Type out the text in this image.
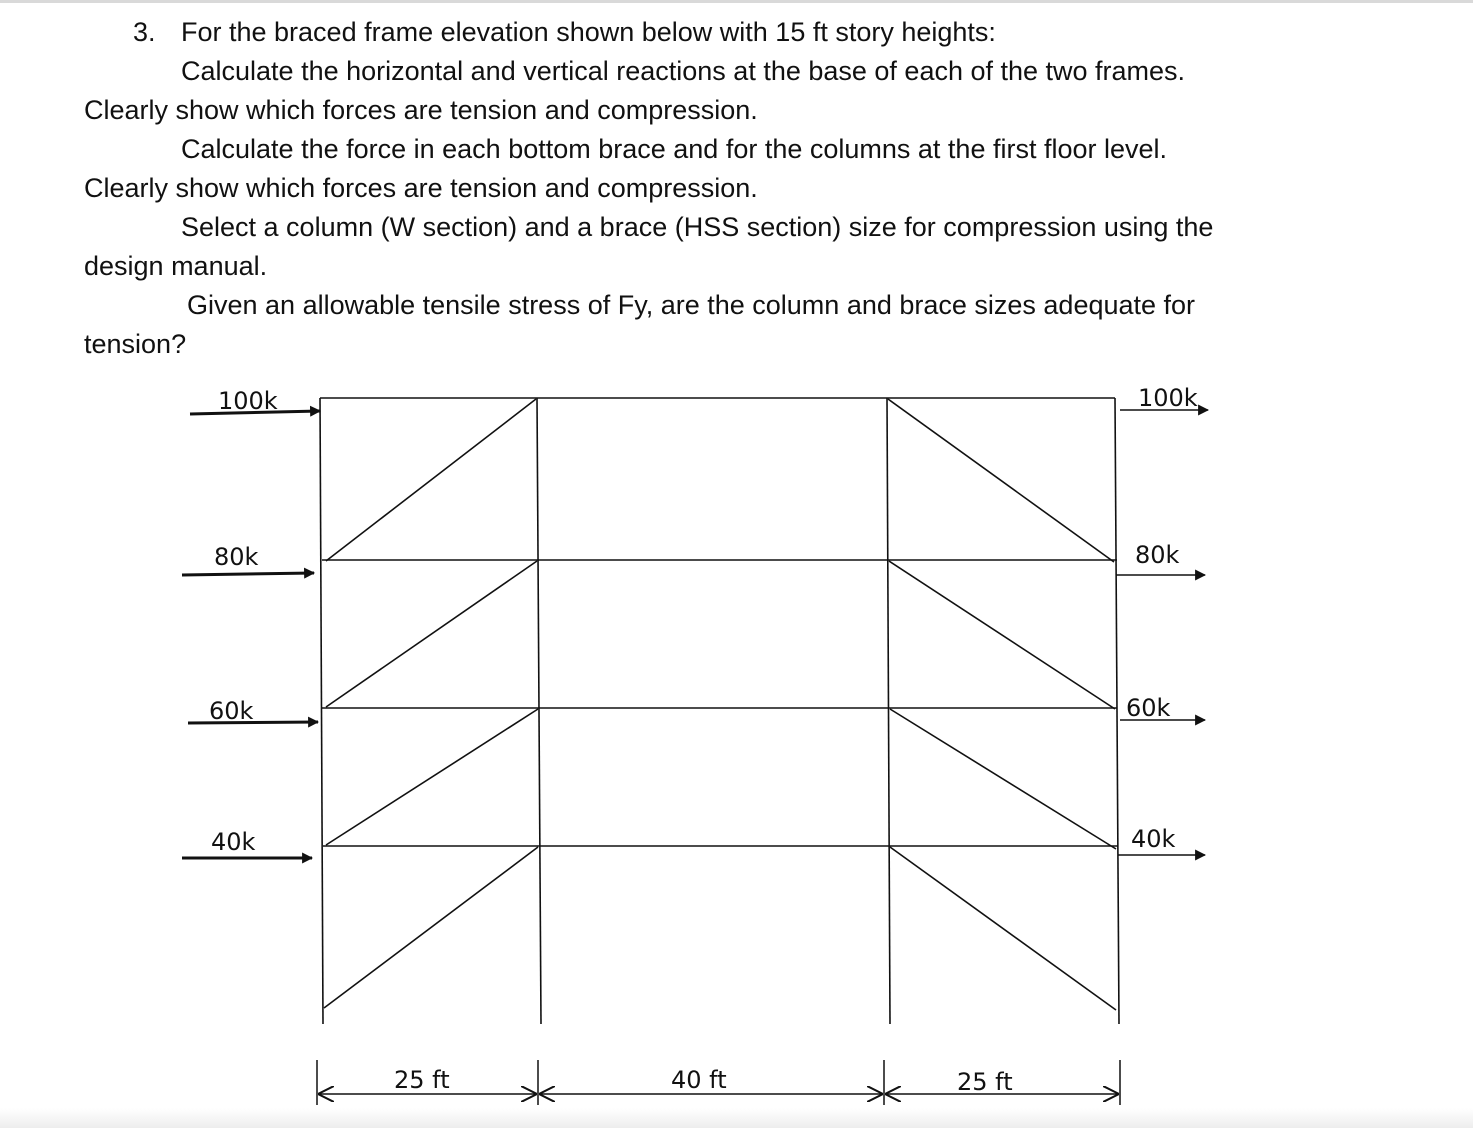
3. For the braced frame elevation shown below with 15 ft story heights:
Calculate the horizontal and vertical reactions at the base of each of the two frames.
Clearly show which forces are tension and compression.
Calculate the force in each bottom brace and for the columns at the first floor level.
Clearly show which forces are tension and compression.
Select a column (W section) and a brace (HSS section) size for compression using the
design manual.
Given an allowable tensile stress of Fy, are the column and brace sizes adequate for
tension?
100k
80k
60k
40k
100k
80k
60k
40k
25 ft	40 ft	25 ft
